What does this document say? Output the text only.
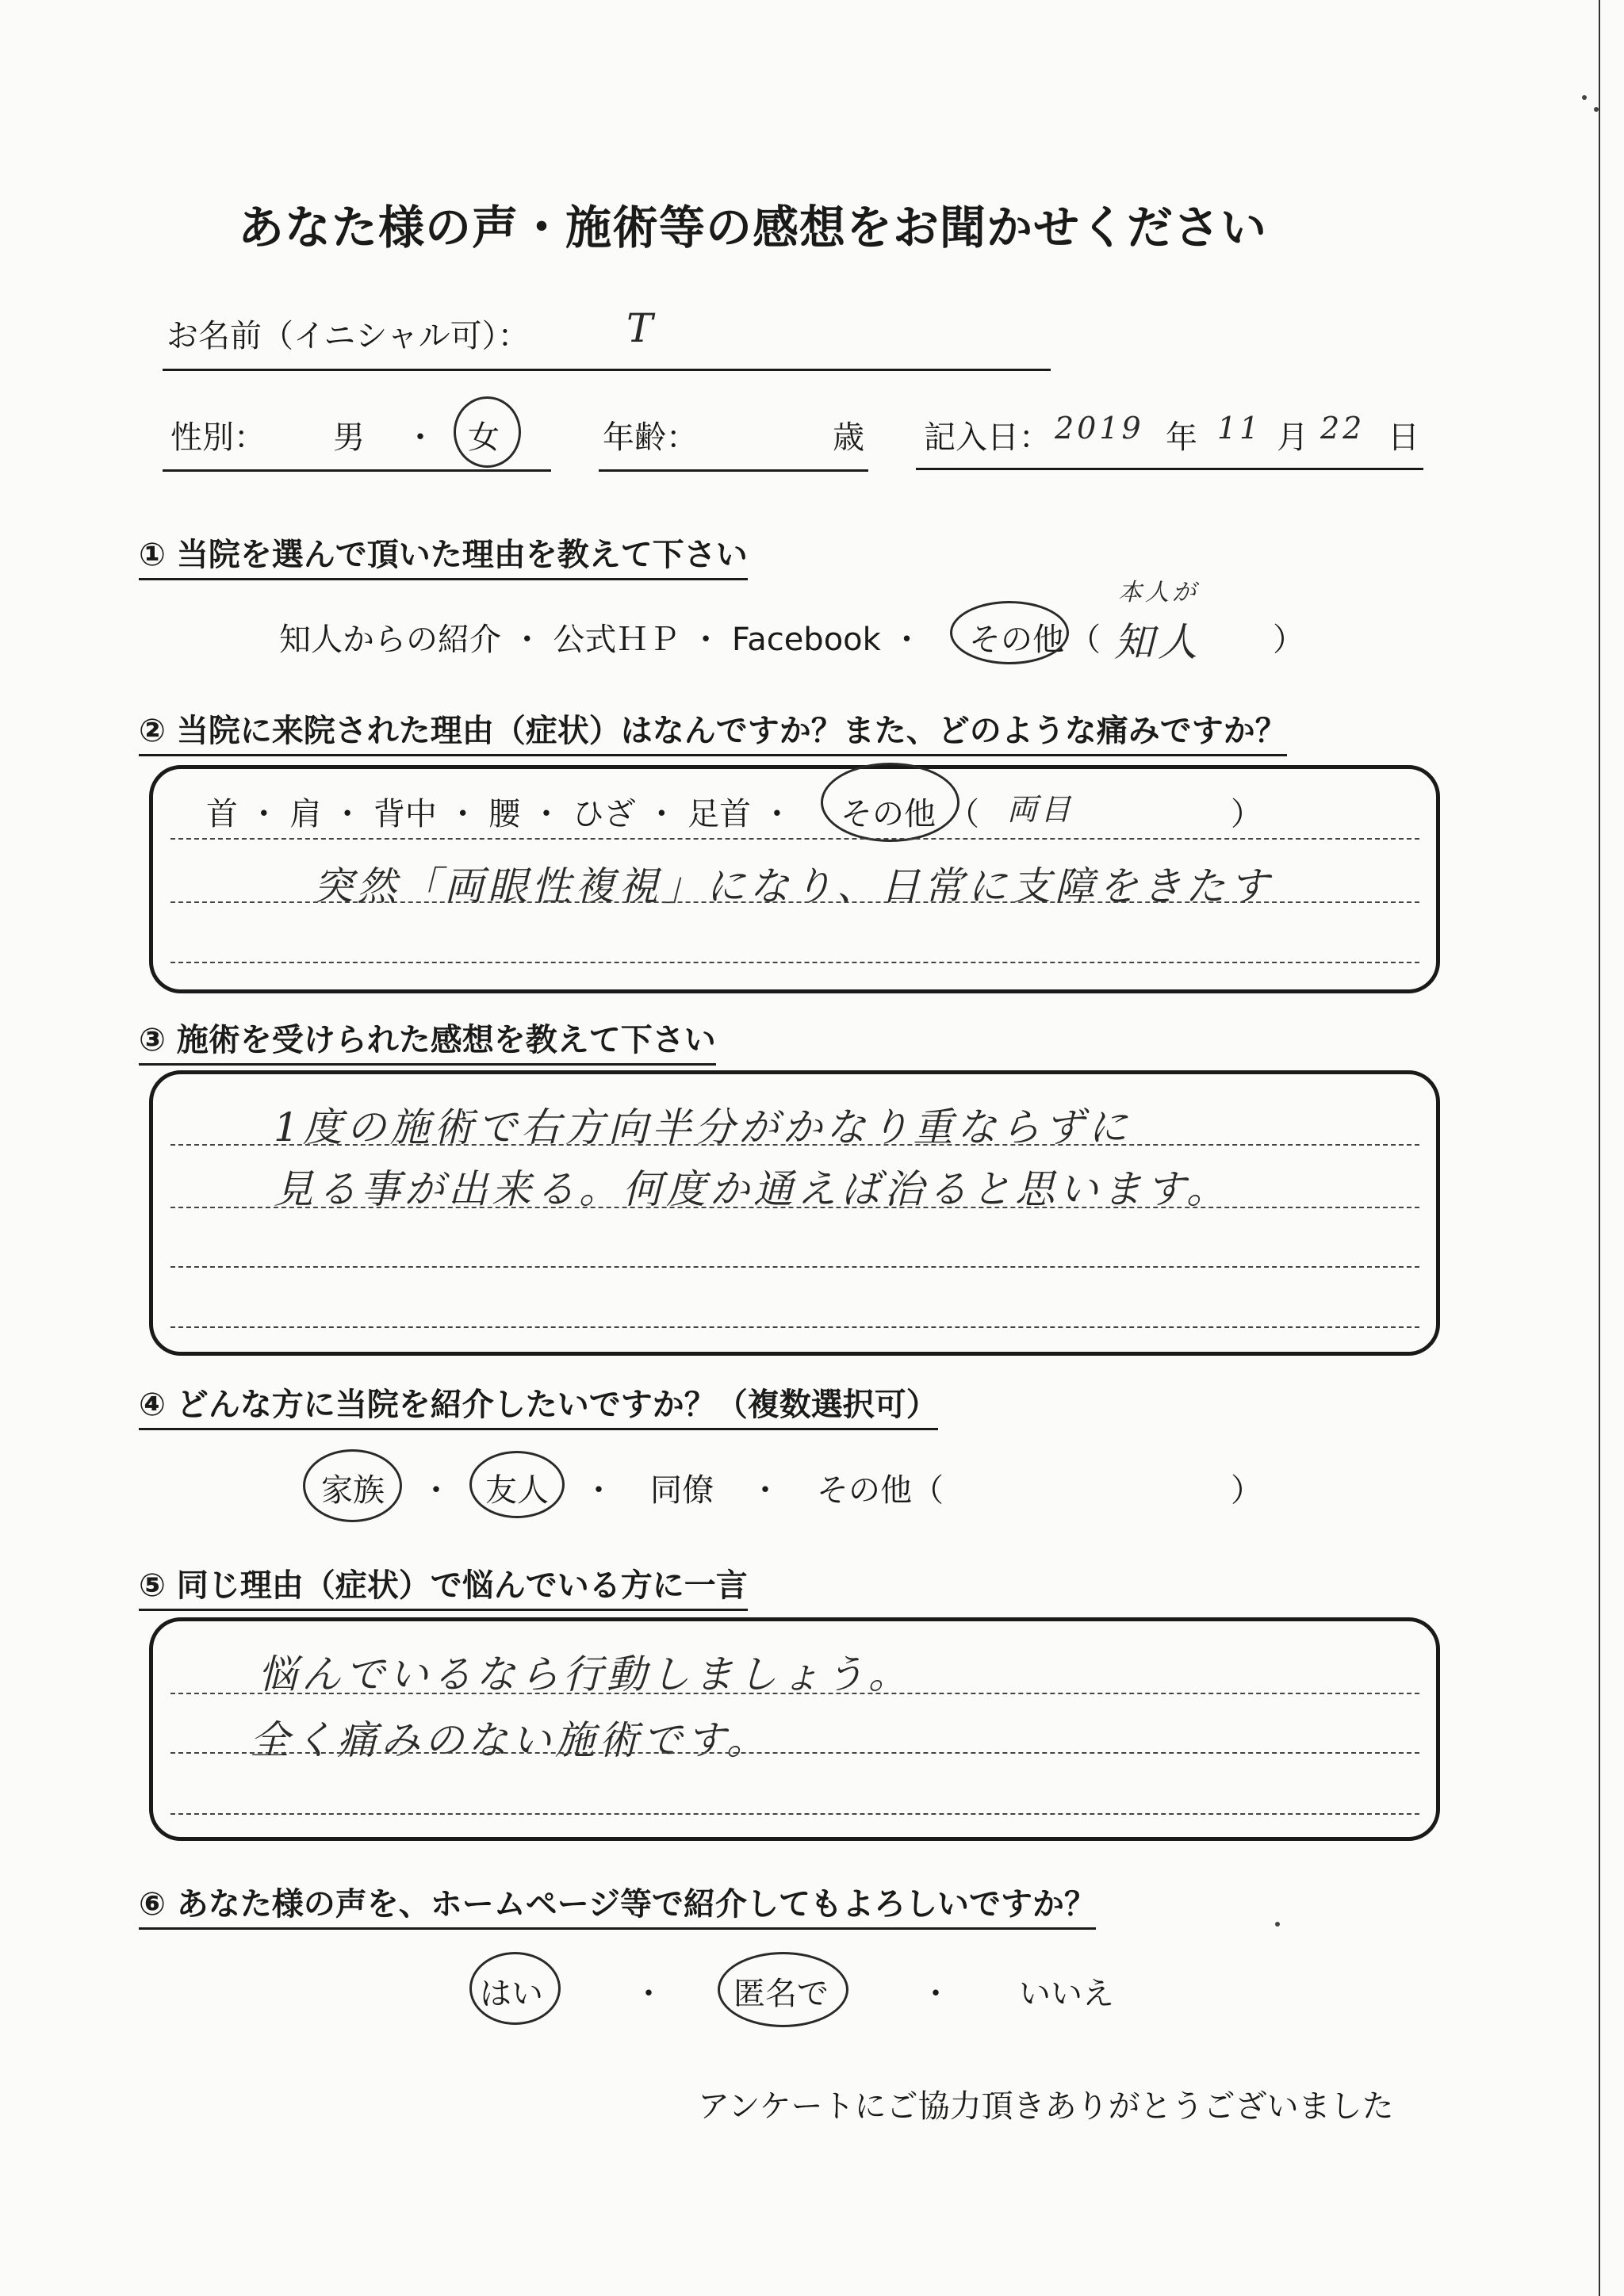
あなた様の声・施術等の感想をお聞かせください
お名前（イニシャル可）： T
性別： 男 ・ 女	年齢：	歳 記入日： 2019 年 11 月 22 日
① 当院を選んで頂いた理由を教えて下さい
知人からの紹介 ・ 公式ＨＰ ・ Facebook ・ その他 （
本人が
知人 ）
② 当院に来院された理由（症状）はなんですか？また、どのような痛みですか？
首 ・ 肩 ・ 背中 ・ 腰 ・ ひざ ・ 足首 ・ その他 （ 両目	）
突然「両眼性複視」になり、日常に支障をきたす
③ 施術を受けられた感想を教えて下さい
1度の施術で右方向半分がかなり重ならずに
見る事が出来る。何度か通えば治ると思います。
④ どんな方に当院を紹介したいですか？（複数選択可）
家族 ・ 友人 ・ 同僚 ・ その他（	）
⑤ 同じ理由（症状）で悩んでいる方に一言
悩んでいるなら行動しましょう。
全く痛みのない施術です。
⑥ あなた様の声を、ホームページ等で紹介してもよろしいですか？
はい	・ 匿名で	・ いいえ
アンケートにご協力頂きありがとうございました
